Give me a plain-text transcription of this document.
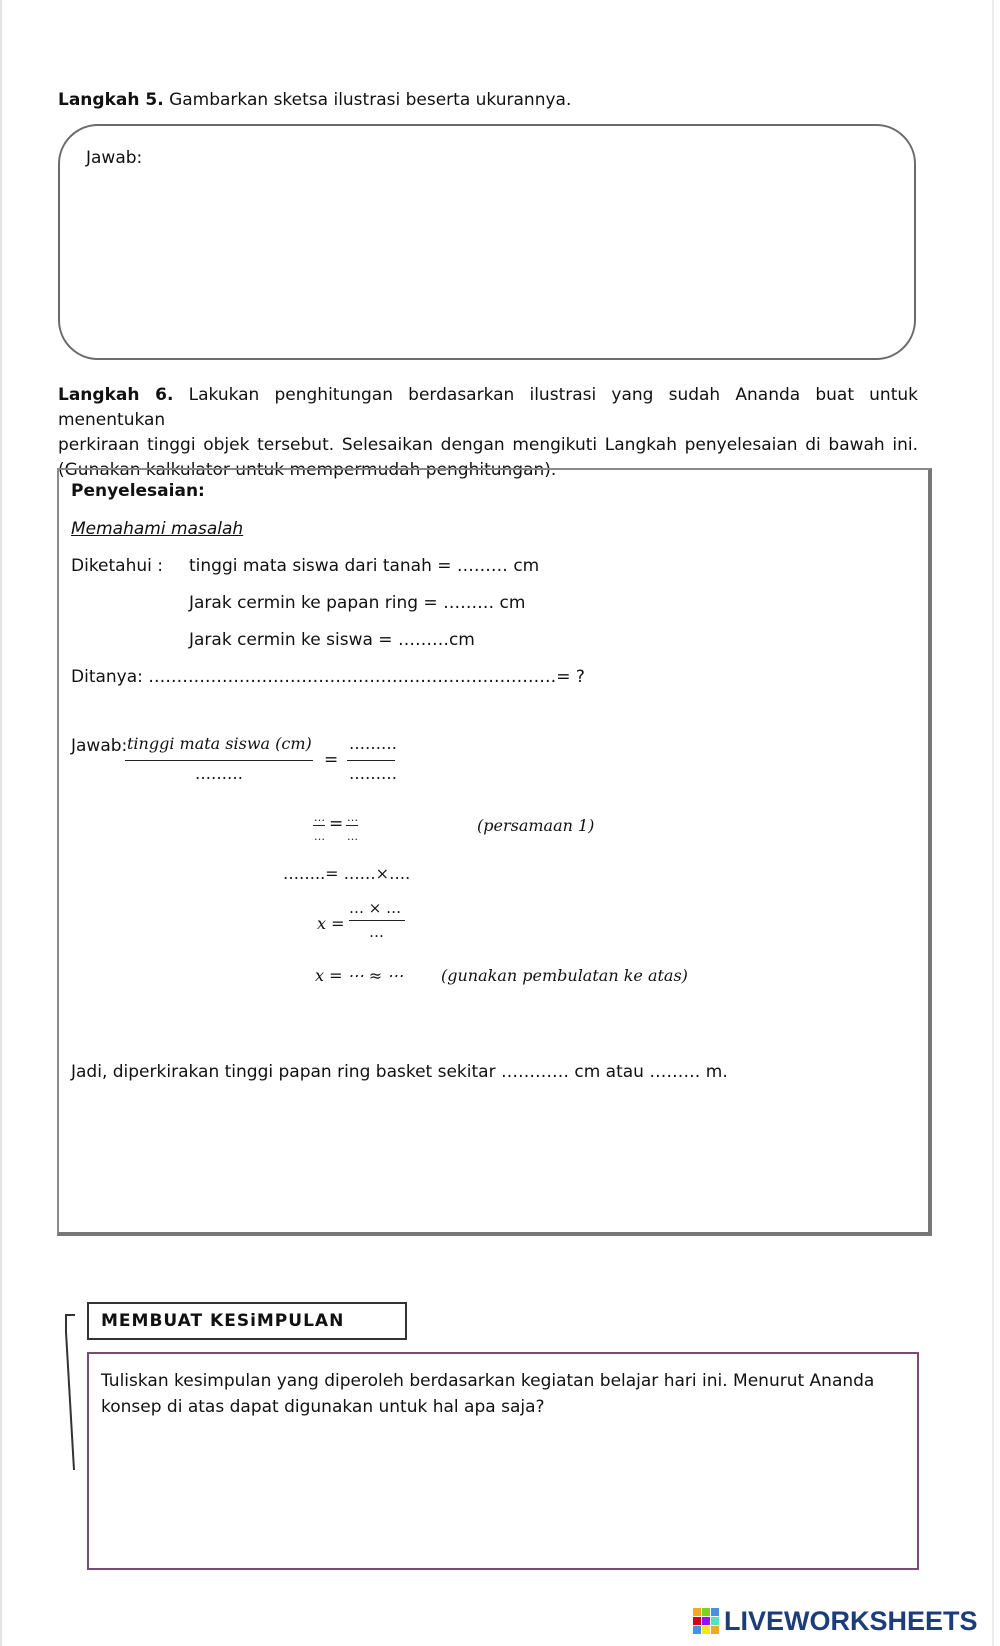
Langkah 5. Gambarkan sketsa ilustrasi beserta ukurannya.

Jawab:
Langkah 6. Lakukan penghitungan berdasarkan ilustrasi yang sudah Ananda buat untuk menentukan
perkiraan tinggi objek tersebut. Selesaikan dengan mengikuti Langkah penyelesaian di bawah ini.
(Gunakan kalkulator untuk mempermudah penghitungan).
Penyelesaian:
Memahami masalah
Diketahui : tinggi mata siswa dari tanah = ……… cm
Jarak cermin ke papan ring = ……… cm
Jarak cermin ke siswa = ………cm
Ditanya: ………………………………………………………………= ?
Jawab: tinggi mata siswa (cm)
………
=
………
………
…
…
= …
…
(persamaan 1)
……..= ……×….
x =
… × …
…
x = ⋯ ≈ ⋯ (gunakan pembulatan ke atas)
Jadi, diperkirakan tinggi papan ring basket sekitar ………… cm atau ……… m.
MEMBUAT KESiMPULAN

Tuliskan kesimpulan yang diperoleh berdasarkan kegiatan belajar hari ini. Menurut Ananda konsep di atas dapat digunakan untuk hal apa saja?

LIVEWORKSHEETS
